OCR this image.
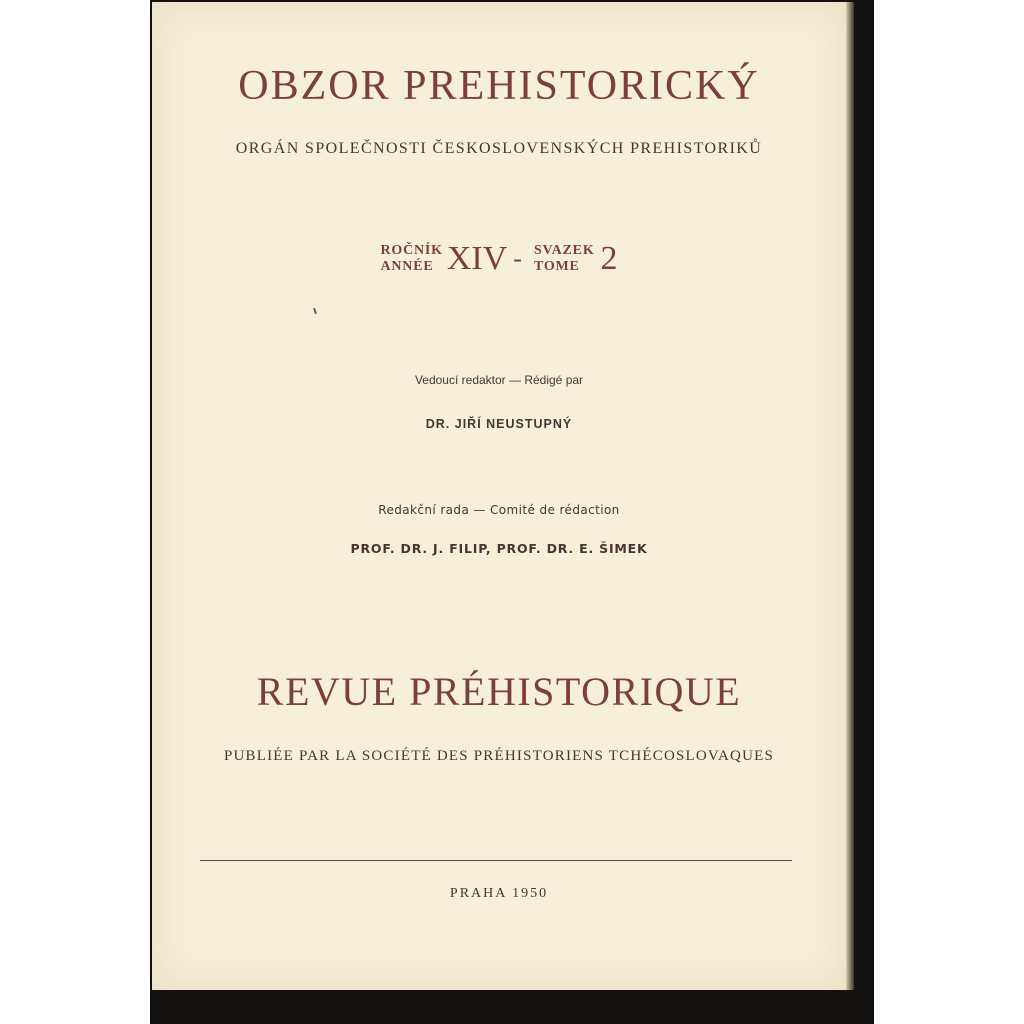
OBZOR PREHISTORICKÝ
ORGÁN SPOLEČNOSTI ČESKOSLOVENSKÝCH PREHISTORIKŮ
ROČNÍK
ANNÉE XIV - SVAZEK
TOME 2
Vedoucí redaktor — Rédigé par
DR. JIŘÍ NEUSTUPNÝ
Redakční rada — Comité de rédaction
PROF. DR. J. FILIP, PROF. DR. E. ŠIMEK
REVUE PRÉHISTORIQUE
PUBLIÉE PAR LA SOCIÉTÉ DES PRÉHISTORIENS TCHÉCOSLOVAQUES
PRAHA 1950
